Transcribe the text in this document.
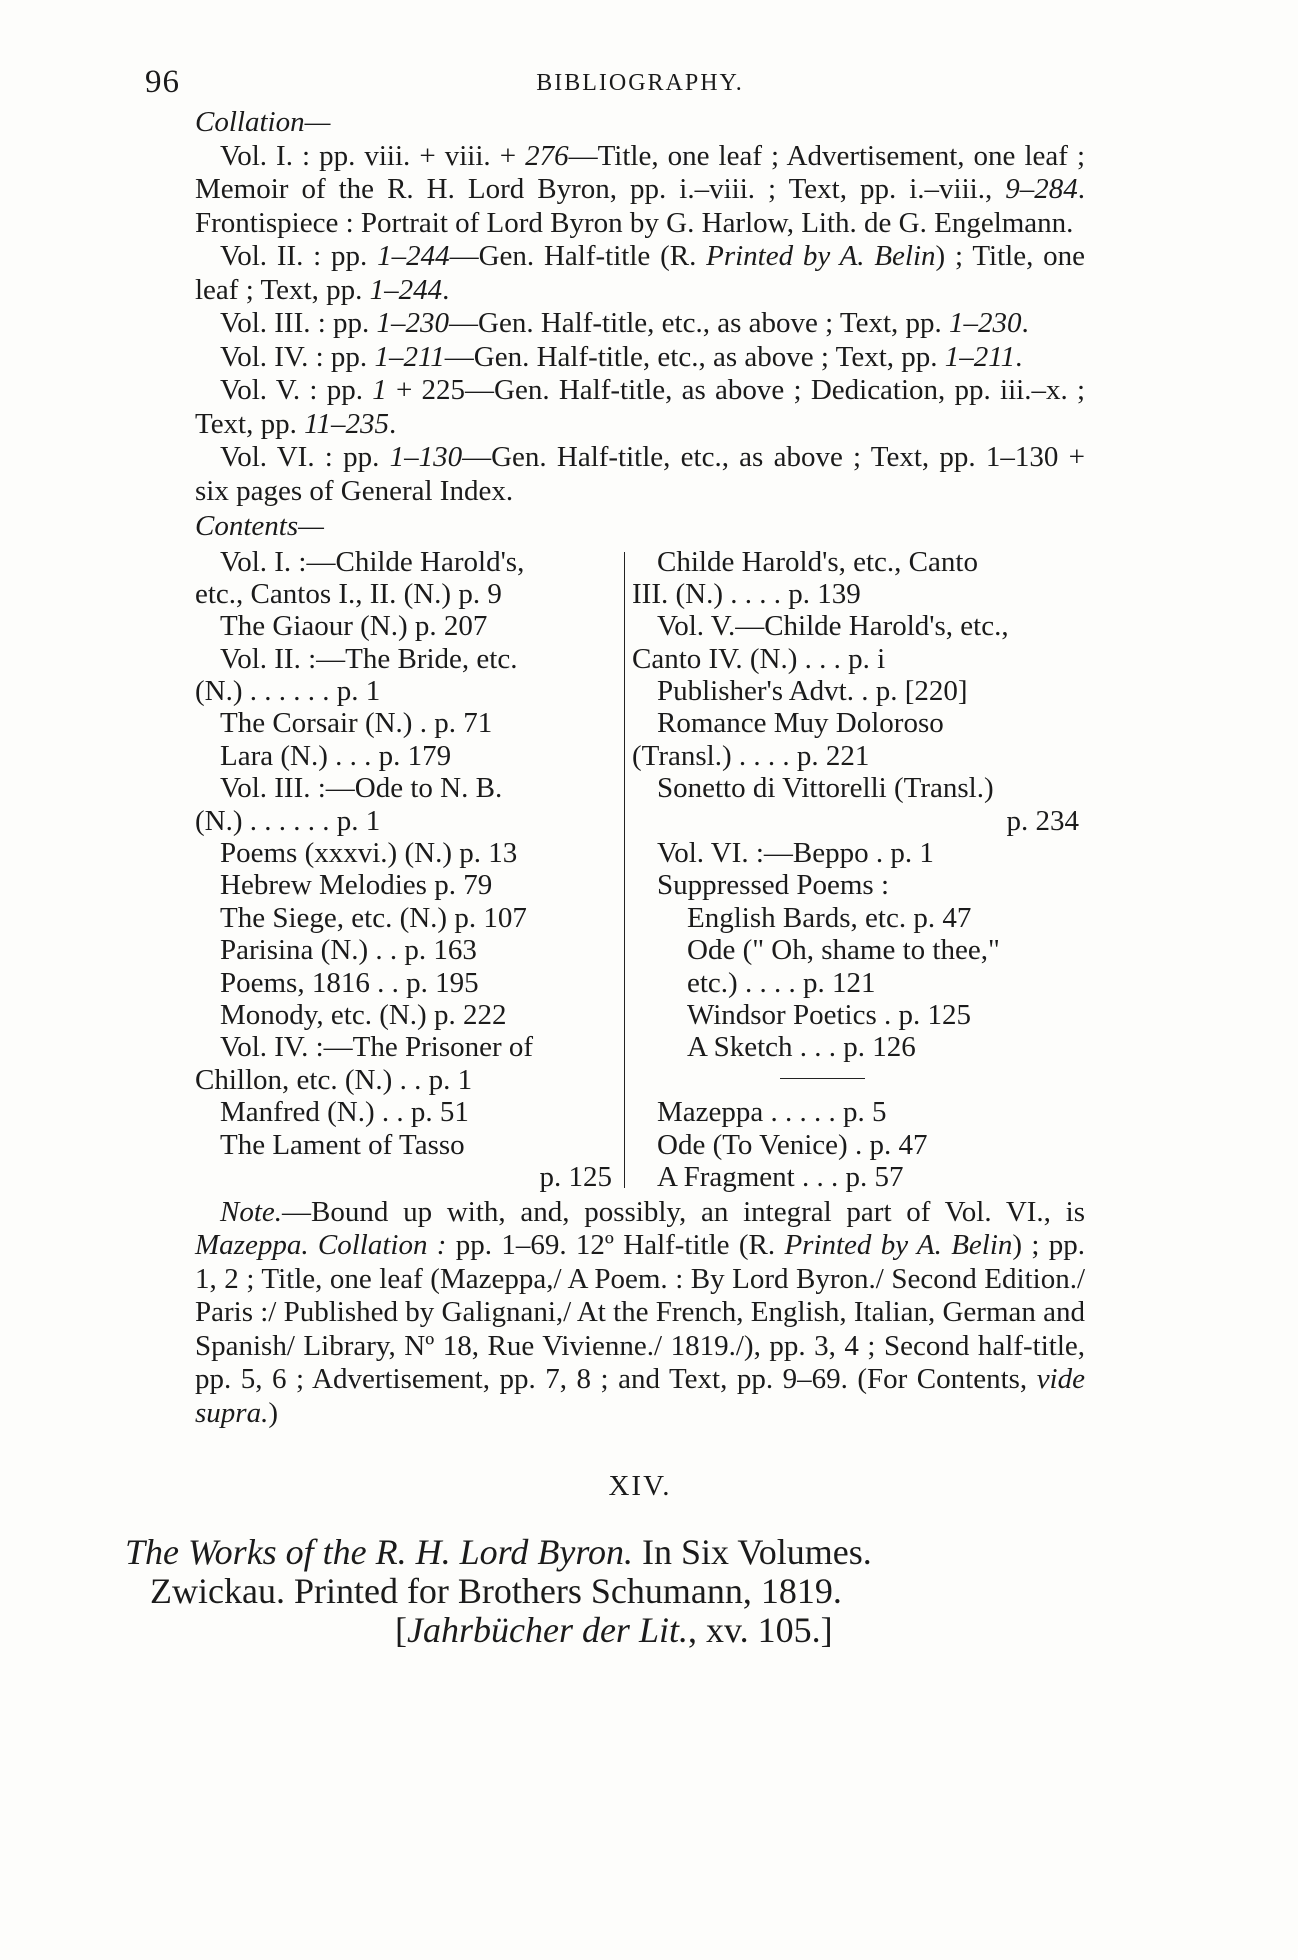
96	BIBLIOGRAPHY.
Collation—

Vol. I. : pp. viii. + viii. + 276—Title, one leaf ; Advertisement, one leaf ; Memoir of the R. H. Lord Byron, pp. i.–viii. ; Text, pp. i.–viii., 9–284. Frontispiece : Portrait of Lord Byron by G. Harlow, Lith. de G. Engelmann.

Vol. II. : pp. 1–244—Gen. Half-title (R. Printed by A. Belin) ; Title, one leaf ; Text, pp. 1–244.

Vol. III. : pp. 1–230—Gen. Half-title, etc., as above ; Text, pp. 1–230.

Vol. IV. : pp. 1–211—Gen. Half-title, etc., as above ; Text, pp. 1–211.

Vol. V. : pp. 1 + 225—Gen. Half-title, as above ; Dedication, pp. iii.–x. ; Text, pp. 11–235.

Vol. VI. : pp. 1–130—Gen. Half-title, etc., as above ; Text, pp. 1–130 + six pages of General Index.

Contents—
Vol. I. :—Childe Harold's,
etc., Cantos I., II. (N.) p. 9
The Giaour (N.) p. 207
Vol. II. :—The Bride, etc.
(N.) . . . . . . p. 1
The Corsair (N.) . p. 71
Lara (N.) . . . p. 179
Vol. III. :—Ode to N. B.
(N.) . . . . . . p. 1
Poems (xxxvi.) (N.) p. 13
Hebrew Melodies p. 79
The Siege, etc. (N.) p. 107
Parisina (N.) . . p. 163
Poems, 1816 . . p. 195
Monody, etc. (N.) p. 222
Vol. IV. :—The Prisoner of
Chillon, etc. (N.) . . p. 1
Manfred (N.) . . p. 51
The Lament of Tasso
p. 125
Childe Harold's, etc., Canto
III. (N.) . . . . p. 139
Vol. V.—Childe Harold's, etc.,
Canto IV. (N.) . . . p. i
Publisher's Advt. . p. [220]
Romance Muy Doloroso
(Transl.) . . . . p. 221
Sonetto di Vittorelli (Transl.)
p. 234
Vol. VI. :—Beppo . p. 1
Suppressed Poems :
English Bards, etc. p. 47
Ode (" Oh, shame to thee,"
etc.) . . . . p. 121
Windsor Poetics . p. 125
A Sketch . . . p. 126
Mazeppa . . . . . p. 5
Ode (To Venice) . p. 47
A Fragment . . . p. 57

Note.—Bound up with, and, possibly, an integral part of Vol. VI., is Mazeppa. Collation : pp. 1–69. 12º Half-title (R. Printed by A. Belin) ; pp. 1, 2 ; Title, one leaf (Mazeppa,/ A Poem. : By Lord Byron./ Second Edition./ Paris :/ Published by Galignani,/ At the French, English, Italian, German and Spanish/ Library, Nº 18, Rue Vivienne./ 1819./), pp. 3, 4 ; Second half-title, pp. 5, 6 ; Advertisement, pp. 7, 8 ; and Text, pp. 9–69. (For Contents, vide supra.)

XIV.
The Works of the R. H. Lord Byron. In Six Volumes.
Zwickau. Printed for Brothers Schumann, 1819.
[Jahrbücher der Lit., xv. 105.]
